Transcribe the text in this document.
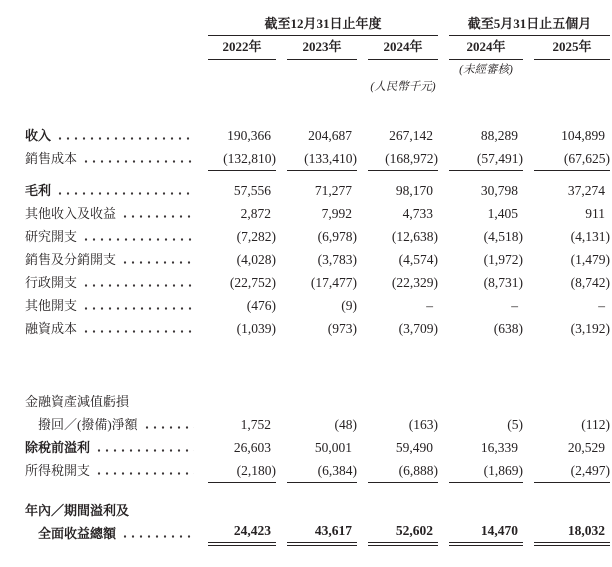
截至12月31日止年度	截至5月31日止五個月
2022年	2023年	2024年	2024年	2025年
(未經審核)
(人民幣千元)
收入	190,366	204,687	267,142	88,289	104,899
銷售成本	(132,810)	(133,410)	(168,972)	(57,491)	(67,625)
毛利	57,556	71,277	98,170	30,798	37,274
其他收入及收益	2,872	7,992	4,733	1,405	911
研究開支	(7,282)	(6,978)	(12,638)	(4,518)	(4,131)
銷售及分銷開支	(4,028)	(3,783)	(4,574)	(1,972)	(1,479)
行政開支	(22,752)	(17,477)	(22,329)	(8,731)	(8,742)
其他開支	(476)	(9)	–	–	–
融資成本	(1,039)	(973)	(3,709)	(638)	(3,192)
金融資產減值虧損
撥回／(撥備)淨額	1,752	(48)	(163)	(5)	(112)
除稅前溢利	26,603	50,001	59,490	16,339	20,529
所得稅開支	(2,180)	(6,384)	(6,888)	(1,869)	(2,497)
年內／期間溢利及
全面收益總額	24,423	43,617	52,602	14,470	18,032
